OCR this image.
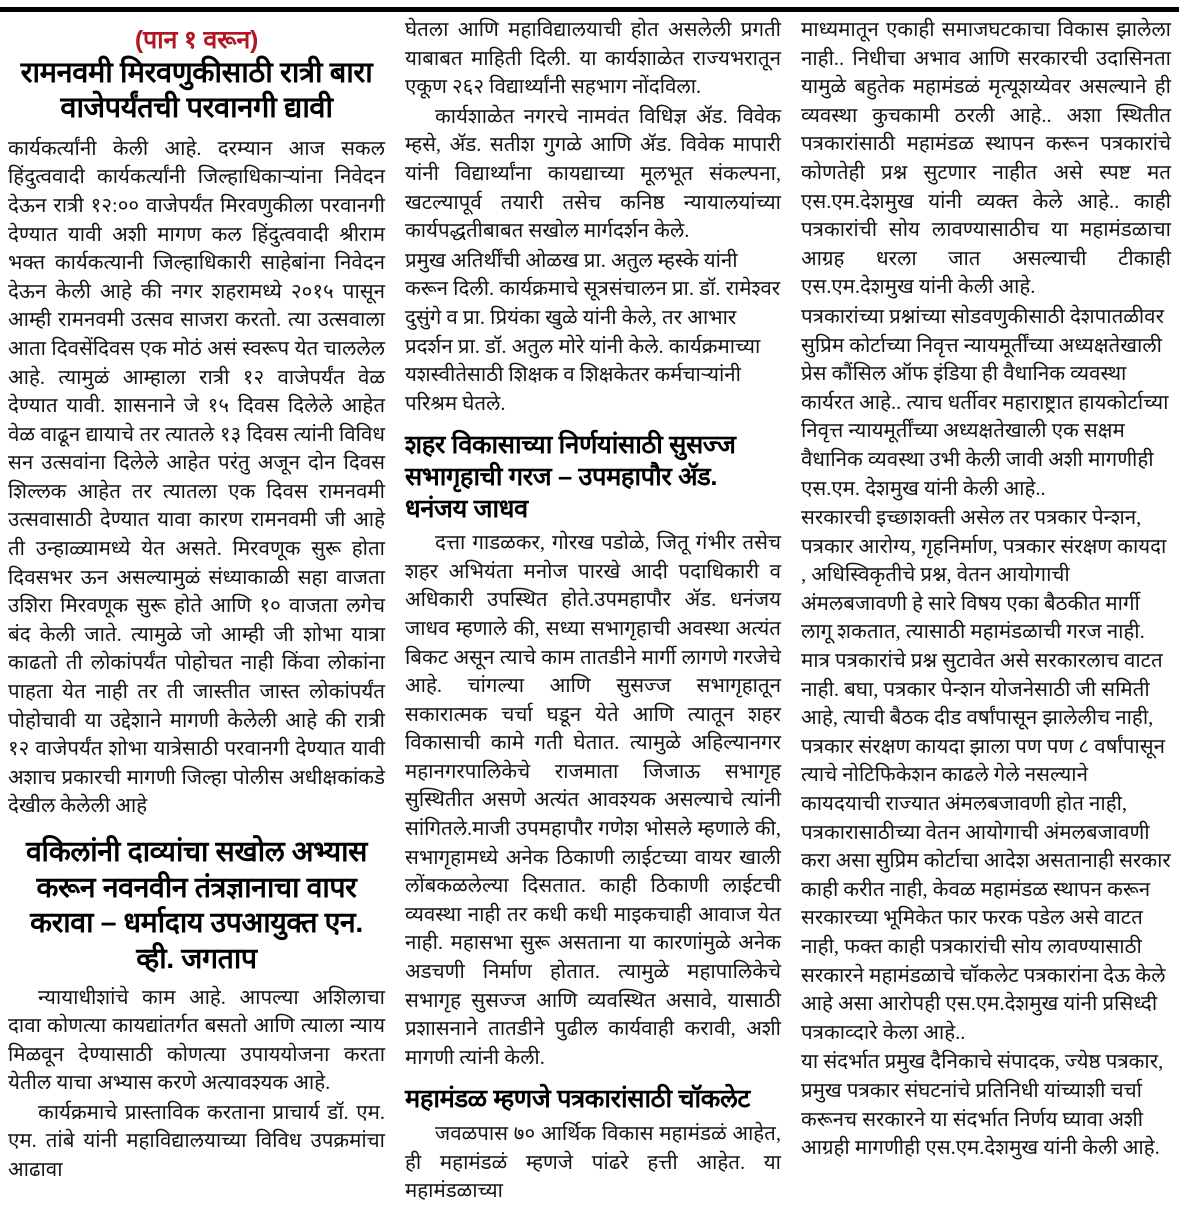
(पान १ वरून)
रामनवमी मिरवणुकीसाठी रात्री बारा वाजेपर्यंतची परवानगी द्यावी

कार्यकर्त्यांनी केली आहे. दरम्यान आज सकल हिंदुत्ववादी कार्यकर्त्यांनी जिल्हाधिकाऱ्यांना निवेदन देऊन रात्री १२:०० वाजेपर्यंत मिरवणुकीला परवानगी देण्यात यावी अशी मागण कल हिंदुत्ववादी श्रीराम भक्त कार्यकत्यानी जिल्हाधिकारी साहेबांना निवेदन देऊन केली आहे की नगर शहरामध्ये २०१५ पासून आम्ही रामनवमी उत्सव साजरा करतो. त्या उत्सवाला आता दिवसेंदिवस एक मोठं असं स्वरूप येत चाललेल आहे. त्यामुळं आम्हाला रात्री १२ वाजेपर्यंत वेळ देण्यात यावी. शासनाने जे १५ दिवस दिलेले आहेत वेळ वाढून द्यायाचे तर त्यातले १३ दिवस त्यांनी विविध सन उत्सवांना दिलेले आहेत परंतु अजून दोन दिवस शिल्लक आहेत तर त्यातला एक दिवस रामनवमी उत्सवासाठी देण्यात यावा कारण रामनवमी जी आहे ती उन्हाळ्यामध्ये येत असते. मिरवणूक सुरू होता दिवसभर ऊन असल्यामुळं संध्याकाळी सहा वाजता उशिरा मिरवणूक सुरू होते आणि १० वाजता लगेच बंद केली जाते. त्यामुळे जो आम्ही जी शोभा यात्रा काढतो ती लोकांपर्यंत पोहोचत नाही किंवा लोकांना पाहता येत नाही तर ती जास्तीत जास्त लोकांपर्यंत पोहोचावी या उद्देशाने मागणी केलेली आहे की रात्री १२ वाजेपर्यंत शोभा यात्रेसाठी परवानगी देण्यात यावी अशाच प्रकारची मागणी जिल्हा पोलीस अधीक्षकांकडे देखील केलेली आहे

वकिलांनी दाव्यांचा सखोल अभ्यास करून नवनवीन तंत्रज्ञानाचा वापर करावा – धर्मादाय उपआयुक्त एन. व्ही. जगताप

न्यायाधीशांचे काम आहे. आपल्या अशिलाचा दावा कोणत्या कायद्यांतर्गत बसतो आणि त्याला न्याय मिळवून देण्यासाठी कोणत्या उपाययोजना करता येतील याचा अभ्यास करणे अत्यावश्यक आहे.

कार्यक्रमाचे प्रास्ताविक करताना प्राचार्य डॉ. एम. एम. तांबे यांनी महाविद्यालयाच्या विविध उपक्रमांचा आढावा

घेतला आणि महाविद्यालयाची होत असलेली प्रगती याबाबत माहिती दिली. या कार्यशाळेत राज्यभरातून एकूण २६२ विद्यार्थ्यांनी सहभाग नोंदविला.

कार्यशाळेत नगरचे नामवंत विधिज्ञ ॲड. विवेक म्हसे, ॲड. सतीश गुगळे आणि ॲड. विवेक मापारी यांनी विद्यार्थ्यांना कायद्याच्या मूलभूत संकल्पना, खटल्यापूर्व तयारी तसेच कनिष्ठ न्यायालयांच्या कार्यपद्धतीबाबत सखोल मार्गदर्शन केले.

प्रमुख अतिर्थींची ओळख प्रा. अतुल म्हस्के यांनी करून दिली. कार्यक्रमाचे सूत्रसंचालन प्रा. डॉ. रामेश्वर दुसुंगे व प्रा. प्रियंका खुळे यांनी केले, तर आभार प्रदर्शन प्रा. डॉ. अतुल मोरे यांनी केले. कार्यक्रमाच्या यशस्वीतेसाठी शिक्षक व शिक्षकेतर कर्मचाऱ्यांनी परिश्रम घेतले.

शहर विकासाच्या निर्णयांसाठी सुसज्ज सभागृहाची गरज – उपमहापौर ॲड. धनंजय जाधव

दत्ता गाडळकर, गोरख पडोळे, जितू गंभीर तसेच शहर अभियंता मनोज पारखे आदी पदाधिकारी व अधिकारी उपस्थित होते.उपमहापौर ॲड. धनंजय जाधव म्हणाले की, सध्या सभागृहाची अवस्था अत्यंत बिकट असून त्याचे काम तातडीने मार्गी लागणे गरजेचे आहे. चांगल्या आणि सुसज्ज सभागृहातून सकारात्मक चर्चा घडून येते आणि त्यातून शहर विकासाची कामे गती घेतात. त्यामुळे अहिल्यानगर महानगरपालिकेचे राजमाता जिजाऊ सभागृह सुस्थितीत असणे अत्यंत आवश्यक असल्याचे त्यांनी सांगितले.माजी उपमहापौर गणेश भोसले म्हणाले की, सभागृहामध्ये अनेक ठिकाणी लाईटच्या वायर खाली लोंबकळलेल्या दिसतात. काही ठिकाणी लाईटची व्यवस्था नाही तर कधी कधी माइकचाही आवाज येत नाही. महासभा सुरू असताना या कारणांमुळे अनेक अडचणी निर्माण होतात. त्यामुळे महापालिकेचे सभागृह सुसज्ज आणि व्यवस्थित असावे, यासाठी प्रशासनाने तातडीने पुढील कार्यवाही करावी, अशी मागणी त्यांनी केली.

महामंडळ म्हणजे पत्रकारांसाठी चॉकलेट

जवळपास ७० आर्थिक विकास महामंडळं आहेत, ही महामंडळं म्हणजे पांढरे हत्ती आहेत. या महामंडळाच्या

माध्यमातून एकाही समाजघटकाचा विकास झालेला नाही.. निधीचा अभाव आणि सरकारची उदासिनता यामुळे बहुतेक महामंडळं मृत्यूशय्येवर असल्याने ही व्यवस्था कुचकामी ठरली आहे.. अशा स्थितीत पत्रकारांसाठी महामंडळ स्थापन करून पत्रकारांचे कोणतेही प्रश्न सुटणार नाहीत असे स्पष्ट मत एस.एम.देशमुख यांनी व्यक्त केले आहे.. काही पत्रकारांची सोय लावण्यासाठीच या महामंडळाचा आग्रह धरला जात असल्याची टीकाही एस.एम.देशमुख यांनी केली आहे.

पत्रकारांच्या प्रश्नांच्या सोडवणुकीसाठी देशपातळीवर सुप्रिम कोर्टाच्या निवृत्त न्यायमूर्तींच्या अध्यक्षतेखाली प्रेस कौंसिल ऑफ इंडिया ही वैधानिक व्यवस्था कार्यरत आहे.. त्याच धर्तीवर महाराष्ट्रात हायकोर्टाच्या निवृत्त न्यायमूर्तींच्या अध्यक्षतेखाली एक सक्षम वैधानिक व्यवस्था उभी केली जावी अशी मागणीही एस.एम. देशमुख यांनी केली आहे..

सरकारची इच्छाशक्ती असेल तर पत्रकार पेन्शन, पत्रकार आरोग्य, गृहनिर्माण, पत्रकार संरक्षण कायदा , अधिस्विकृतीचे प्रश्न, वेतन आयोगाची अंमलबजावणी हे सारे विषय एका बैठकीत मार्गी लागू शकतात, त्यासाठी महामंडळाची गरज नाही. मात्र पत्रकारांचे प्रश्न सुटावेत असे सरकारलाच वाटत नाही. बघा, पत्रकार पेन्शन योजनेसाठी जी समिती आहे, त्याची बैठक दीड वर्षांपासून झालेलीच नाही, पत्रकार संरक्षण कायदा झाला पण पण ८ वर्षांपासून त्याचे नोटिफिकेशन काढले गेले नसल्याने कायदयाची राज्यात अंमलबजावणी होत नाही, पत्रकारासाठीच्या वेतन आयोगाची अंमलबजावणी करा असा सुप्रिम कोर्टाचा आदेश असतानाही सरकार काही करीत नाही, केवळ महामंडळ स्थापन करून सरकारच्या भूमिकेत फार फरक पडेल असे वाटत नाही, फक्त काही पत्रकारांची सोय लावण्यासाठी सरकारने महामंडळाचे चॉकलेट पत्रकारांना देऊ केले आहे असा आरोपही एस.एम.देशमुख यांनी प्रसिध्दी पत्रकाव्दारे केला आहे..

या संदर्भात प्रमुख दैनिकाचे संपादक, ज्येष्ठ पत्रकार, प्रमुख पत्रकार संघटनांचे प्रतिनिधी यांच्याशी चर्चा करूनच सरकारने या संदर्भात निर्णय घ्यावा अशी आग्रही मागणीही एस.एम.देशमुख यांनी केली आहे.
